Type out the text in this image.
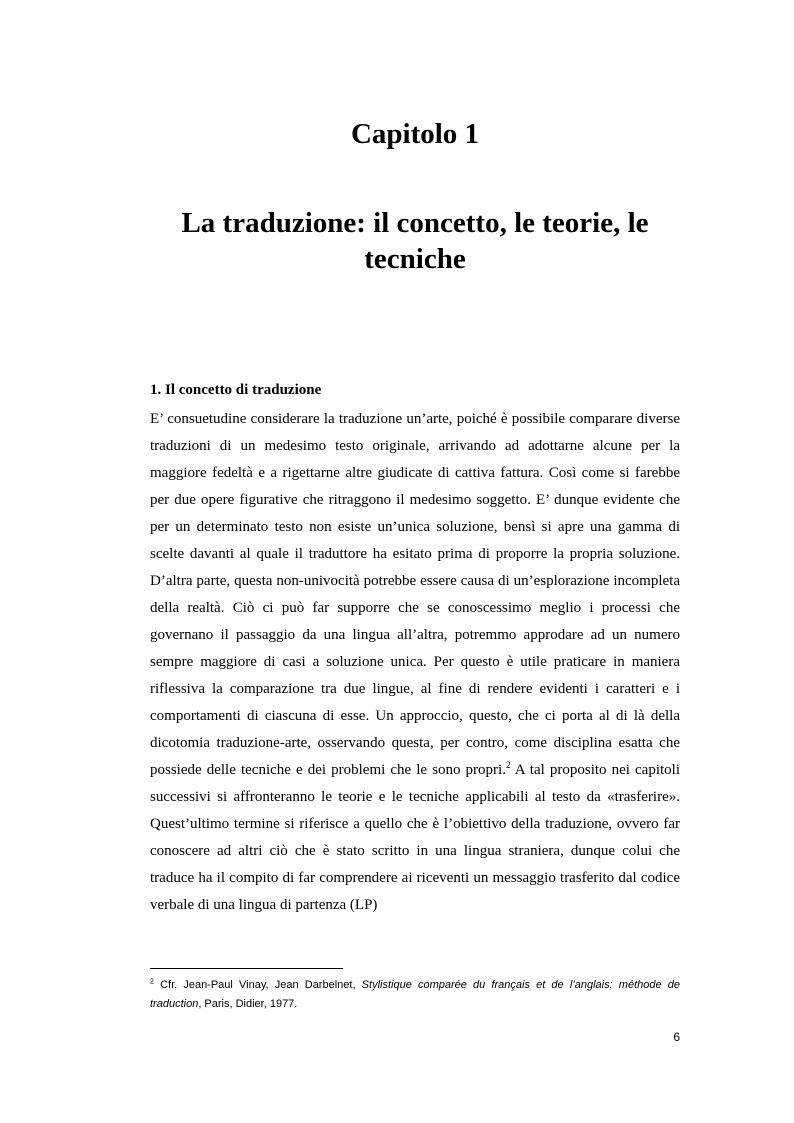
Capitolo 1
La traduzione: il concetto, le teorie, le tecniche
1. Il concetto di traduzione

E’ consuetudine considerare la traduzione un’arte, poiché è possibile comparare diverse traduzioni di un medesimo testo originale, arrivando ad adottarne alcune per la maggiore fedeltà e a rigettarne altre giudicate di cattiva fattura. Così come si farebbe per due opere figurative che ritraggono il medesimo soggetto. E’ dunque evidente che per un determinato testo non esiste un’unica soluzione, bensì si apre una gamma di scelte davanti al quale il traduttore ha esitato prima di proporre la propria soluzione. D’altra parte, questa non-univocità potrebbe essere causa di un’esplorazione incompleta della realtà. Ciò ci può far supporre che se conoscessimo meglio i processi che governano il passaggio da una lingua all’altra, potremmo approdare ad un numero sempre maggiore di casi a soluzione unica. Per questo è utile praticare in maniera riflessiva la comparazione tra due lingue, al fine di rendere evidenti i caratteri e i comportamenti di ciascuna di esse. Un approccio, questo, che ci porta al di là della dicotomia traduzione-arte, osservando questa, per contro, come disciplina esatta che possiede delle tecniche e dei problemi che le sono propri.$^2$ A tal proposito nei capitoli successivi si affronteranno le teorie e le tecniche applicabili al testo da «trasferire». Quest’ultimo termine si riferisce a quello che è l’obiettivo della traduzione, ovvero far conoscere ad altri ciò che è stato scritto in una lingua straniera, dunque colui che traduce ha il compito di far comprendere ai riceventi un messaggio trasferito dal codice verbale di una lingua di partenza (LP)

$^2$ Cfr. Jean-Paul Vinay, Jean Darbelnet, Stylistique comparée du français et de l’anglais: méthode de traduction, Paris, Didier, 1977.
6
